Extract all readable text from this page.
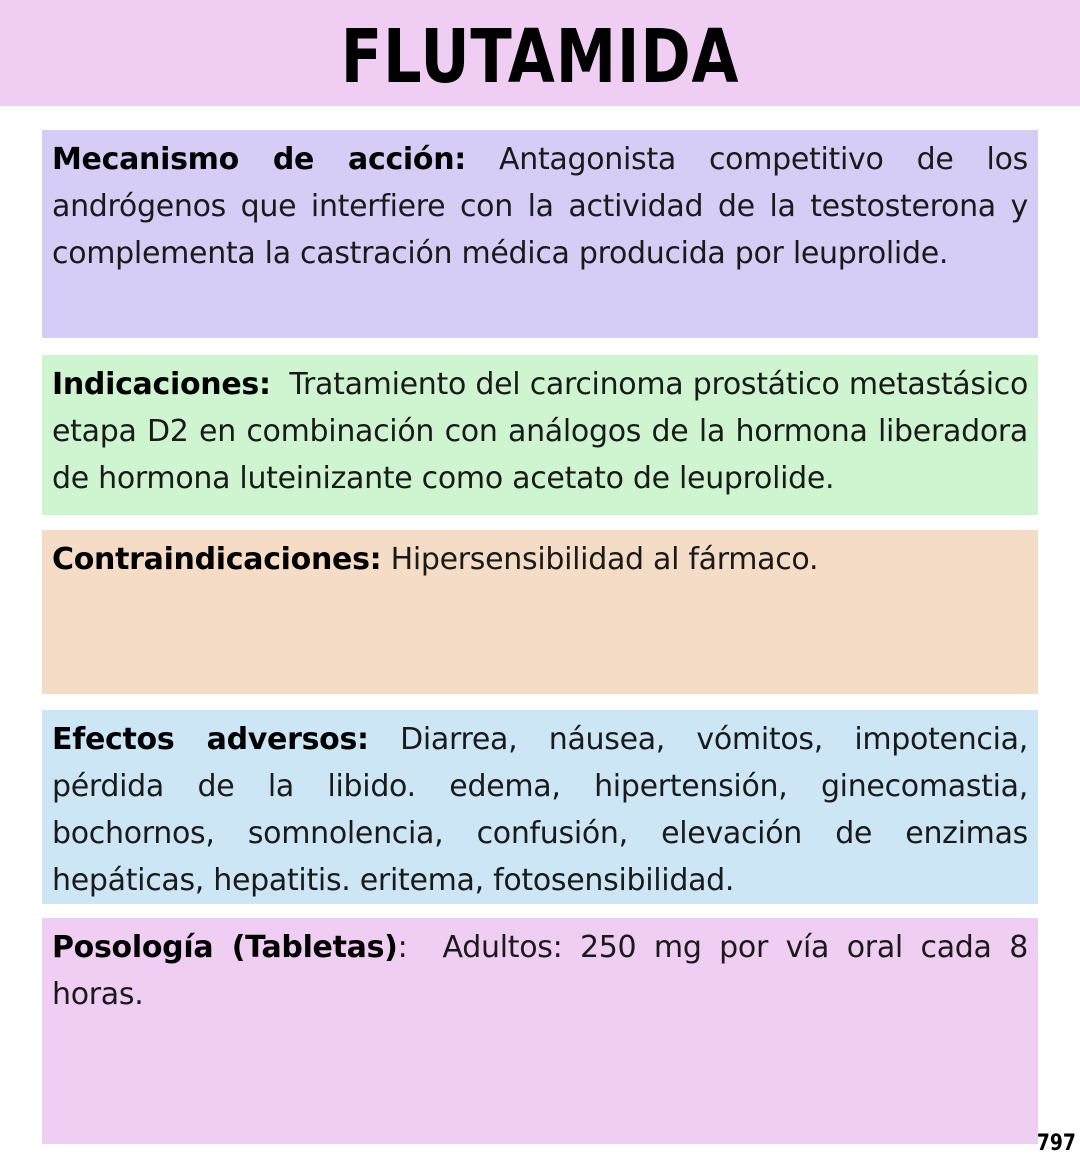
FLUTAMIDA

Mecanismo de acción: Antagonista competitivo de los andrógenos que interfiere con la actividad de la testosterona y complementa la castración médica producida por leuprolide.

Indicaciones: Tratamiento del carcinoma prostático metastásico etapa D2 en combinación con análogos de la hormona liberadora de hormona luteinizante como acetato de leuprolide.

Contraindicaciones: Hipersensibilidad al fármaco.

Efectos adversos: Diarrea, náusea, vómitos, impotencia, pérdida de la libido. edema, hipertensión, ginecomastia, bochornos, somnolencia, confusión, elevación de enzimas hepáticas, hepatitis. eritema, fotosensibilidad.

Posología (Tabletas): Adultos: 250 mg por vía oral cada 8 horas.

797
